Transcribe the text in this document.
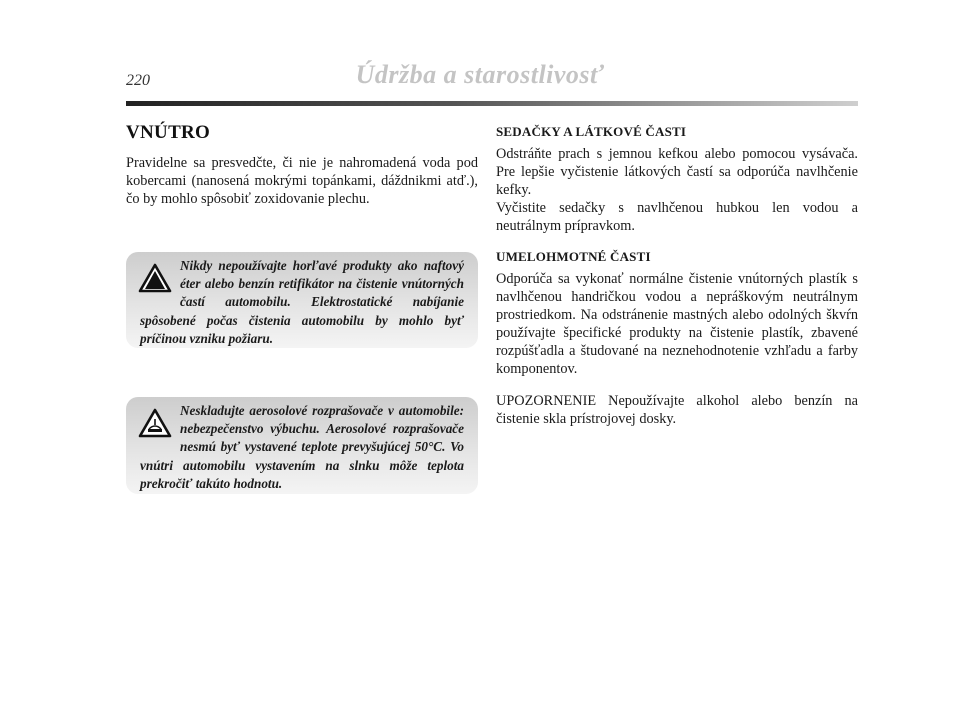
220	Údržba a starostlivosť
VNÚTRO

Pravidelne sa presvedčte, či nie je nahromadená voda pod kobercami (nanosená mokrými topánkami, dáždnikmi atď.), čo by mohlo spôsobiť zoxidovanie plechu.

Nikdy nepoužívajte horľavé produkty ako naftový éter alebo benzín retifikátor na čistenie vnútorných častí automobilu. Elektrostatické nabíjanie spôsobené počas čistenia automobilu by mohlo byť príčinou vzniku požiaru.
Neskladujte aerosolové rozprašovače v automobile: nebezpečenstvo výbuchu. Aerosolové rozprašovače nesmú byť vystavené teplote prevyšujúcej 50°C. Vo vnútri automobilu vystavením na slnku môže teplota prekročiť takúto hodnotu.
SEDAČKY A LÁTKOVÉ ČASTI

Odstráňte prach s jemnou kefkou alebo pomocou vysávača. Pre lepšie vyčistenie látkových častí sa odporúča navlhčenie kefky.

Vyčistite sedačky s navlhčenou hubkou len vodou a neutrálnym prípravkom.

UMELOHMOTNÉ ČASTI

Odporúča sa vykonať normálne čistenie vnútorných plastík s navlhčenou handričkou vodou a nepráškovým neutrálnym prostriedkom. Na odstránenie mastných alebo odolných škvŕn používajte špecifické produkty na čistenie plastík, zbavené rozpúšťadla a študované na neznehodnotenie vzhľadu a farby komponentov.

UPOZORNENIE Nepoužívajte alkohol alebo benzín na čistenie skla prístrojovej dosky.
